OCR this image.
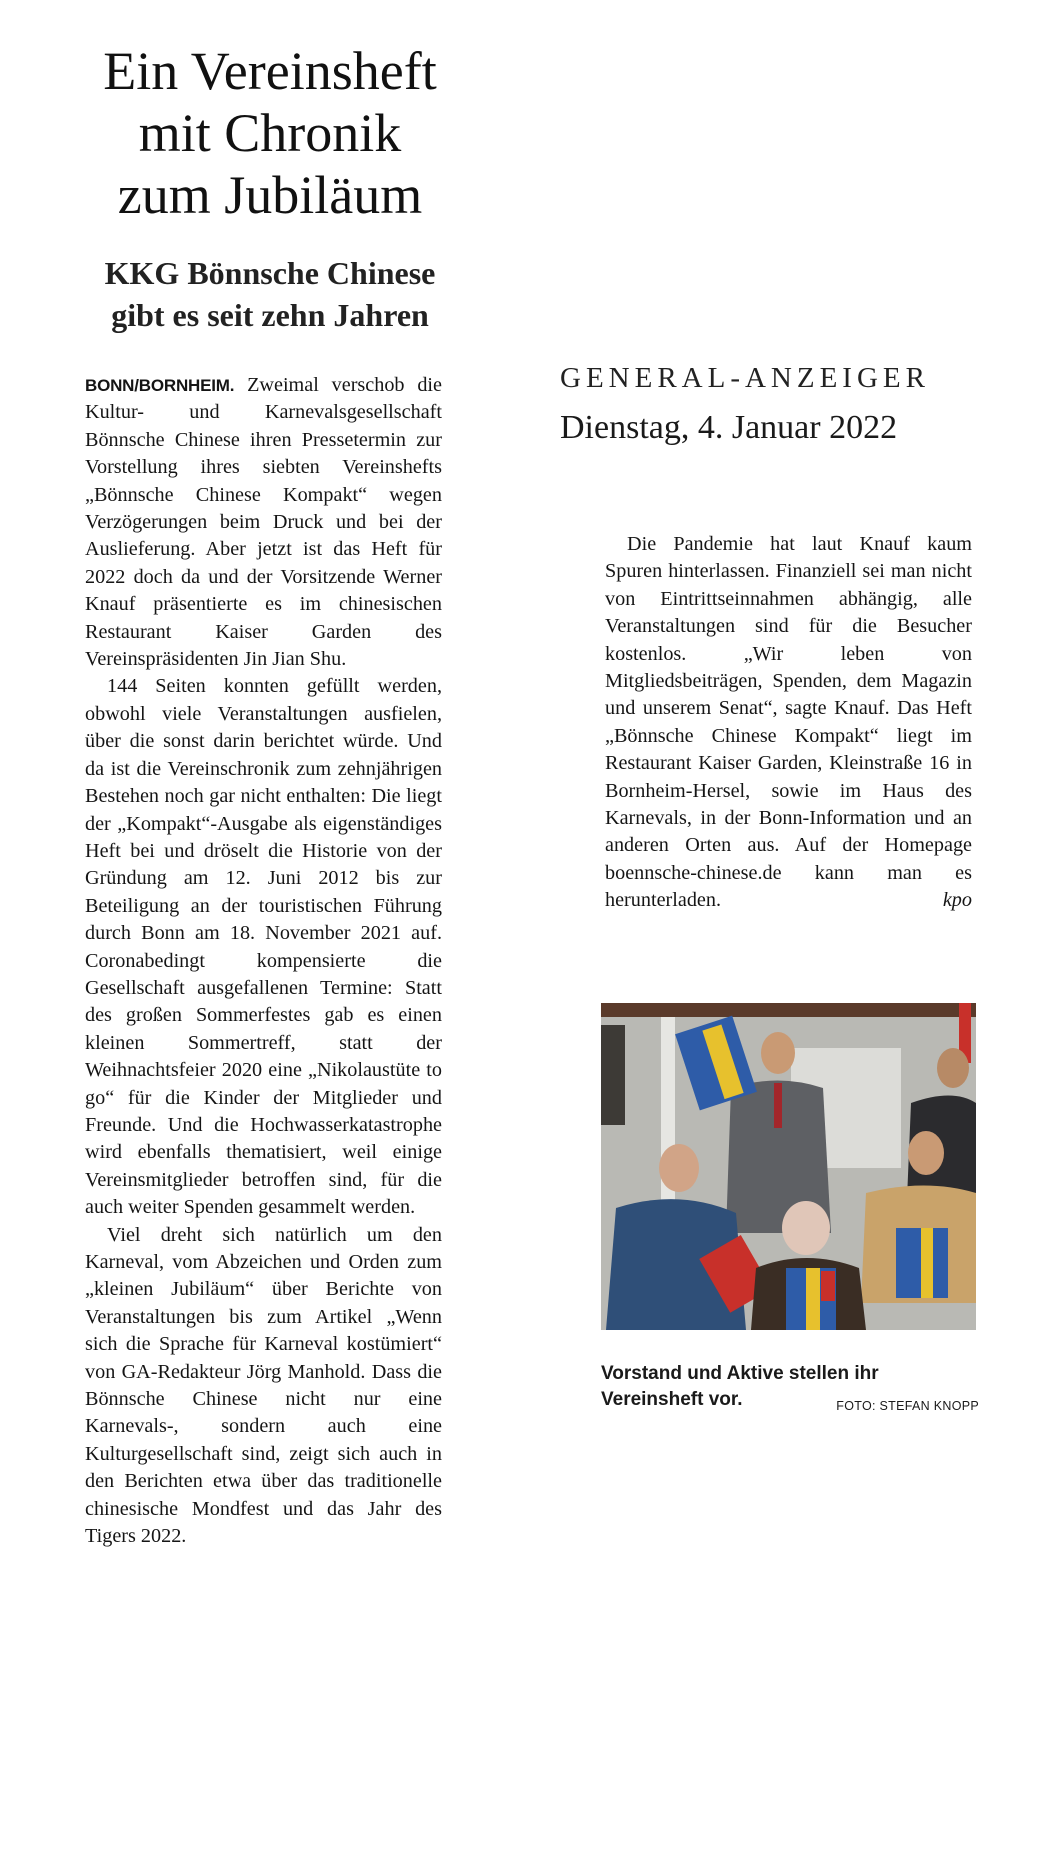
Ein Vereinsheft
mit Chronik
zum Jubiläum
KKG Bönnsche Chinese
gibt es seit zehn Jahren

BONN/BORNHEIM. Zweimal verschob die Kultur- und Karnevalsgesellschaft Bönnsche Chinese ihren Pressetermin zur Vorstellung ihres siebten Vereinshefts „Bönnsche Chinese Kompakt“ wegen Verzögerungen beim Druck und bei der Auslieferung. Aber jetzt ist das Heft für 2022 doch da und der Vorsitzende Werner Knauf präsentierte es im chinesischen Restaurant Kaiser Garden des Vereinspräsidenten Jin Jian Shu.

144 Seiten konnten gefüllt werden, obwohl viele Veranstaltungen ausfielen, über die sonst darin berichtet würde. Und da ist die Vereinschronik zum zehnjährigen Bestehen noch gar nicht enthalten: Die liegt der „Kompakt“-Ausgabe als eigenständiges Heft bei und dröselt die Historie von der Gründung am 12. Juni 2012 bis zur Beteiligung an der touristischen Führung durch Bonn am 18. November 2021 auf. Coronabedingt kompensierte die Gesellschaft ausgefallenen Termine: Statt des großen Sommerfestes gab es einen kleinen Sommertreff, statt der Weihnachtsfeier 2020 eine „Nikolaustüte to go“ für die Kinder der Mitglieder und Freunde. Und die Hochwasserkatastrophe wird ebenfalls thematisiert, weil einige Vereinsmitglieder betroffen sind, für die auch weiter Spenden gesammelt werden.

Viel dreht sich natürlich um den Karneval, vom Abzeichen und Orden zum „kleinen Jubiläum“ über Berichte von Veranstaltungen bis zum Artikel „Wenn sich die Sprache für Karneval kostümiert“ von GA-Redakteur Jörg Manhold. Dass die Bönnsche Chinese nicht nur eine Karnevals-, sondern auch eine Kulturgesellschaft sind, zeigt sich auch in den Berichten etwa über das traditionelle chinesische Mondfest und das Jahr des Tigers 2022.

GENERAL-ANZEIGER
Dienstag, 4. Januar 2022

Die Pandemie hat laut Knauf kaum Spuren hinterlassen. Finanziell sei man nicht von Eintrittseinnahmen abhängig, alle Veranstaltungen sind für die Besucher kostenlos. „Wir leben von Mitgliedsbeiträgen, Spenden, dem Magazin und unserem Senat“, sagte Knauf. Das Heft „Bönnsche Chinese Kompakt“ liegt im Restaurant Kaiser Garden, Kleinstraße 16 in Bornheim-Hersel, sowie im Haus des Karnevals, in der Bonn-Information und an anderen Orten aus. Auf der Homepage boennsche-chinese.de kann man es herunterladen.	kpo

Vorstand und Aktive stellen ihr Vereinsheft vor.	FOTO: STEFAN KNOPP
